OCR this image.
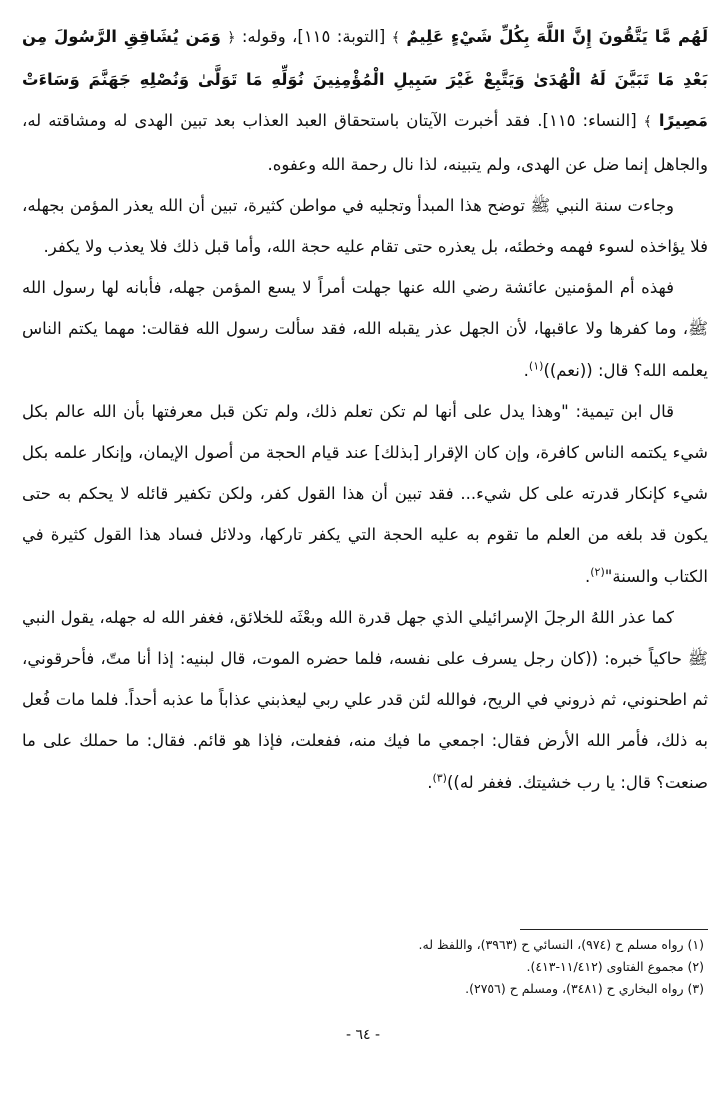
لَهُم مَّا يَتَّقُونَ إِنَّ اللَّهَ بِكُلِّ شَيْءٍ عَلِيمٌ ﴾ [التوبة: ١١٥]، وقوله: ﴿ وَمَن يُشَاقِقِ الرَّسُولَ مِن بَعْدِ مَا تَبَيَّنَ لَهُ الْهُدَىٰ وَيَتَّبِعْ غَيْرَ سَبِيلِ الْمُؤْمِنِينَ نُوَلِّهِ مَا تَوَلَّىٰ وَنُصْلِهِ جَهَنَّمَ وَسَاءَتْ مَصِيرًا ﴾ [النساء: ١١٥]. فقد أخبرت الآيتان باستحقاق العبد العذاب بعد تبين الهدى له ومشاقته له، والجاهل إنما ضل عن الهدى، ولم يتبينه، لذا نال رحمة الله وعفوه.

وجاءت سنة النبي ﷺ توضح هذا المبدأ وتجليه في مواطن كثيرة، تبين أن الله يعذر المؤمن بجهله، فلا يؤاخذه لسوء فهمه وخطئه، بل يعذره حتى تقام عليه حجة الله، وأما قبل ذلك فلا يعذب ولا يكفر.

فهذه أم المؤمنين عائشة رضي الله عنها جهلت أمراً لا يسع المؤمن جهله، فأبانه لها رسول الله ﷺ، وما كفرها ولا عاقبها، لأن الجهل عذر يقبله الله، فقد سألت رسول الله فقالت: مهما يكتم الناس يعلمه الله؟ قال: ((نعم))$^{(١)}$.

قال ابن تيمية: "وهذا يدل على أنها لم تكن تعلم ذلك، ولم تكن قبل معرفتها بأن الله عالم بكل شيء يكتمه الناس كافرة، وإن كان الإقرار [بذلك] عند قيام الحجة من أصول الإيمان، وإنكار علمه بكل شيء كإنكار قدرته على كل شيء... فقد تبين أن هذا القول كفر، ولكن تكفير قائله لا يحكم به حتى يكون قد بلغه من العلم ما تقوم به عليه الحجة التي يكفر تاركها، ودلائل فساد هذا القول كثيرة في الكتاب والسنة"$^{(٢)}$.

كما عذر اللهُ الرجلَ الإسرائيلي الذي جهل قدرة الله وبعْثَه للخلائق، فغفر الله له جهله، يقول النبي ﷺ حاكياً خبره: ((كان رجل يسرف على نفسه، فلما حضره الموت، قال لبنيه: إذا أنا متّ، فأحرقوني، ثم اطحنوني، ثم ذروني في الريح، فوالله لئن قدر علي ربي ليعذبني عذاباً ما عذبه أحداً. فلما مات فُعل به ذلك، فأمر الله الأرض فقال: اجمعي ما فيك منه، ففعلت، فإذا هو قائم. فقال: ما حملك على ما صنعت؟ قال: يا رب خشيتك. فغفر له))$^{(٣)}$.

(١) رواه مسلم ح (٩٧٤)، النسائي ح (٣٩٦٣)، واللفظ له.

(٢) مجموع الفتاوى (١١/٤١٢-٤١٣).

(٣) رواه البخاري ح (٣٤٨١)، ومسلم ح (٢٧٥٦).

- ٦٤ -
